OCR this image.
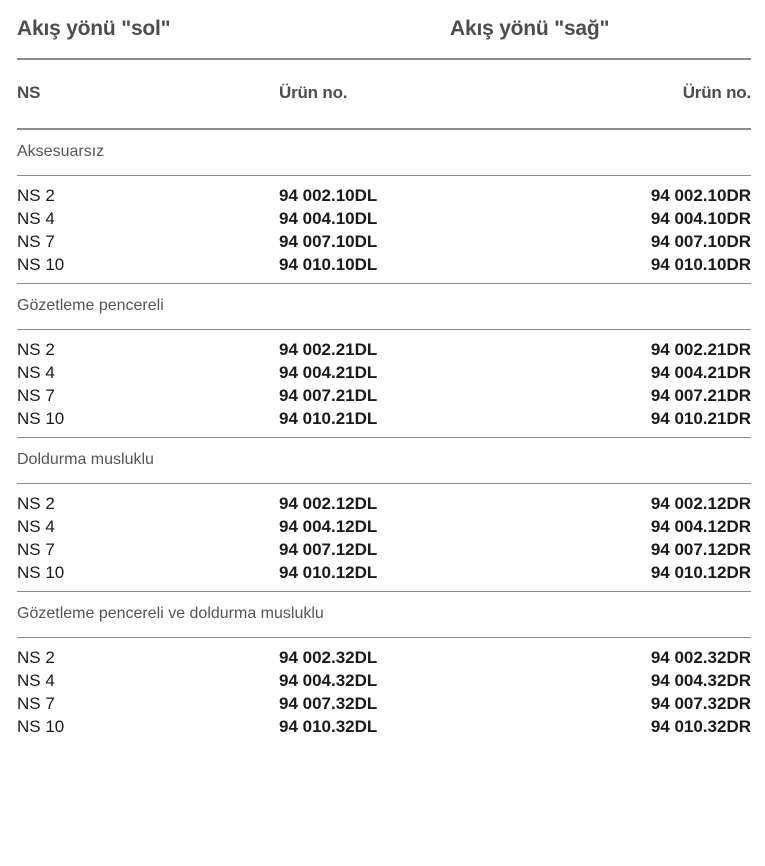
Akış yönü "sol"	Akış yönü "sağ"
NS	Ürün no.	Ürün no.
Aksesuarsız
NS 2	94 002.10DL	94 002.10DR
NS 4	94 004.10DL	94 004.10DR
NS 7	94 007.10DL	94 007.10DR
NS 10	94 010.10DL	94 010.10DR
Gözetleme pencereli
NS 2	94 002.21DL	94 002.21DR
NS 4	94 004.21DL	94 004.21DR
NS 7	94 007.21DL	94 007.21DR
NS 10	94 010.21DL	94 010.21DR
Doldurma musluklu
NS 2	94 002.12DL	94 002.12DR
NS 4	94 004.12DL	94 004.12DR
NS 7	94 007.12DL	94 007.12DR
NS 10	94 010.12DL	94 010.12DR
Gözetleme pencereli ve doldurma musluklu
NS 2	94 002.32DL	94 002.32DR
NS 4	94 004.32DL	94 004.32DR
NS 7	94 007.32DL	94 007.32DR
NS 10	94 010.32DL	94 010.32DR
